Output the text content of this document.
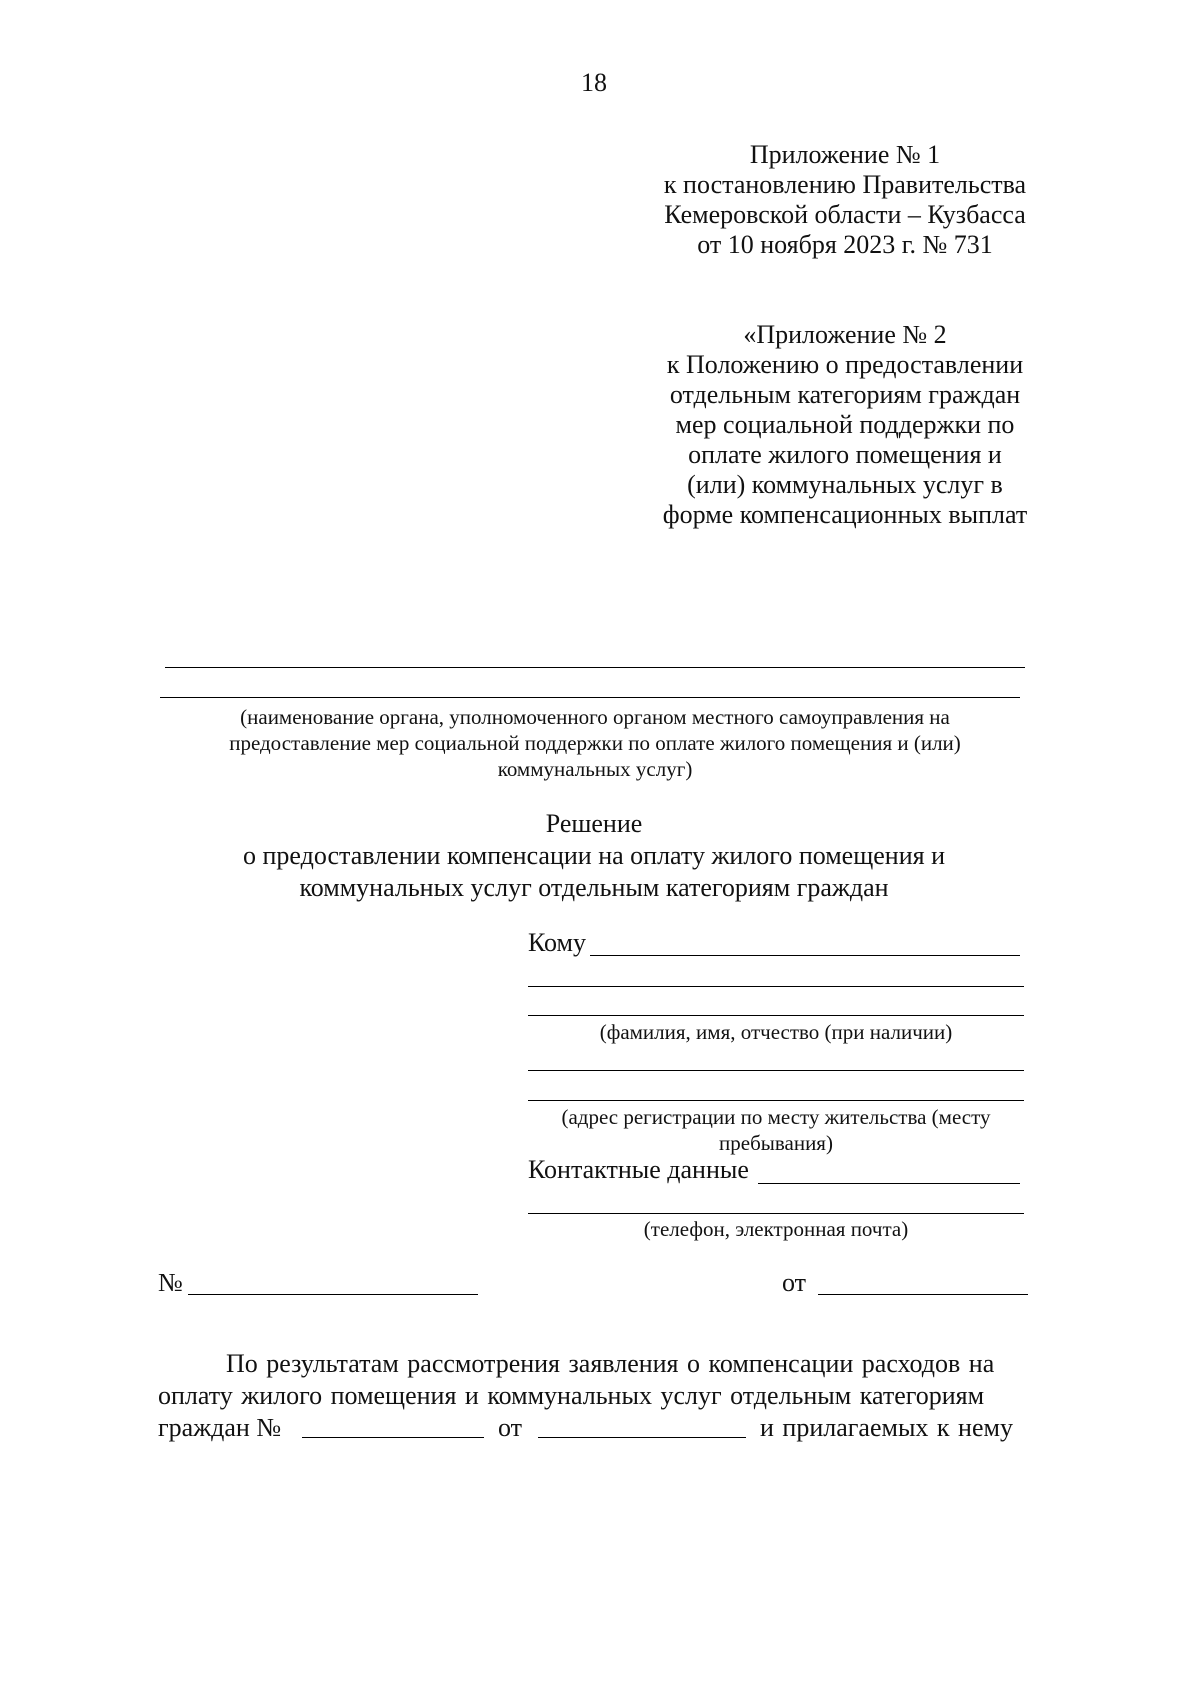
18
Приложение № 1
к постановлению Правительства
Кемеровской области – Кузбасса
от 10 ноября 2023 г. № 731
«Приложение № 2
к Положению о предоставлении
отдельным категориям граждан
мер социальной поддержки по
оплате жилого помещения и
(или) коммунальных услуг в
форме компенсационных выплат
(наименование органа, уполномоченного органом местного самоуправления на
предоставление мер социальной поддержки по оплате жилого помещения и (или)
коммунальных услуг)
Решение
о предоставлении компенсации на оплату жилого помещения и
коммунальных услуг отдельным категориям граждан
Кому
(фамилия, имя, отчество (при наличии)
(адрес регистрации по месту жительства (месту
пребывания)
Контактные данные
(телефон, электронная почта)
№	от
По результатам рассмотрения заявления о компенсации расходов на
оплату жилого помещения и коммунальных услуг отдельным категориям
граждан №	от	и прилагаемых к нему
